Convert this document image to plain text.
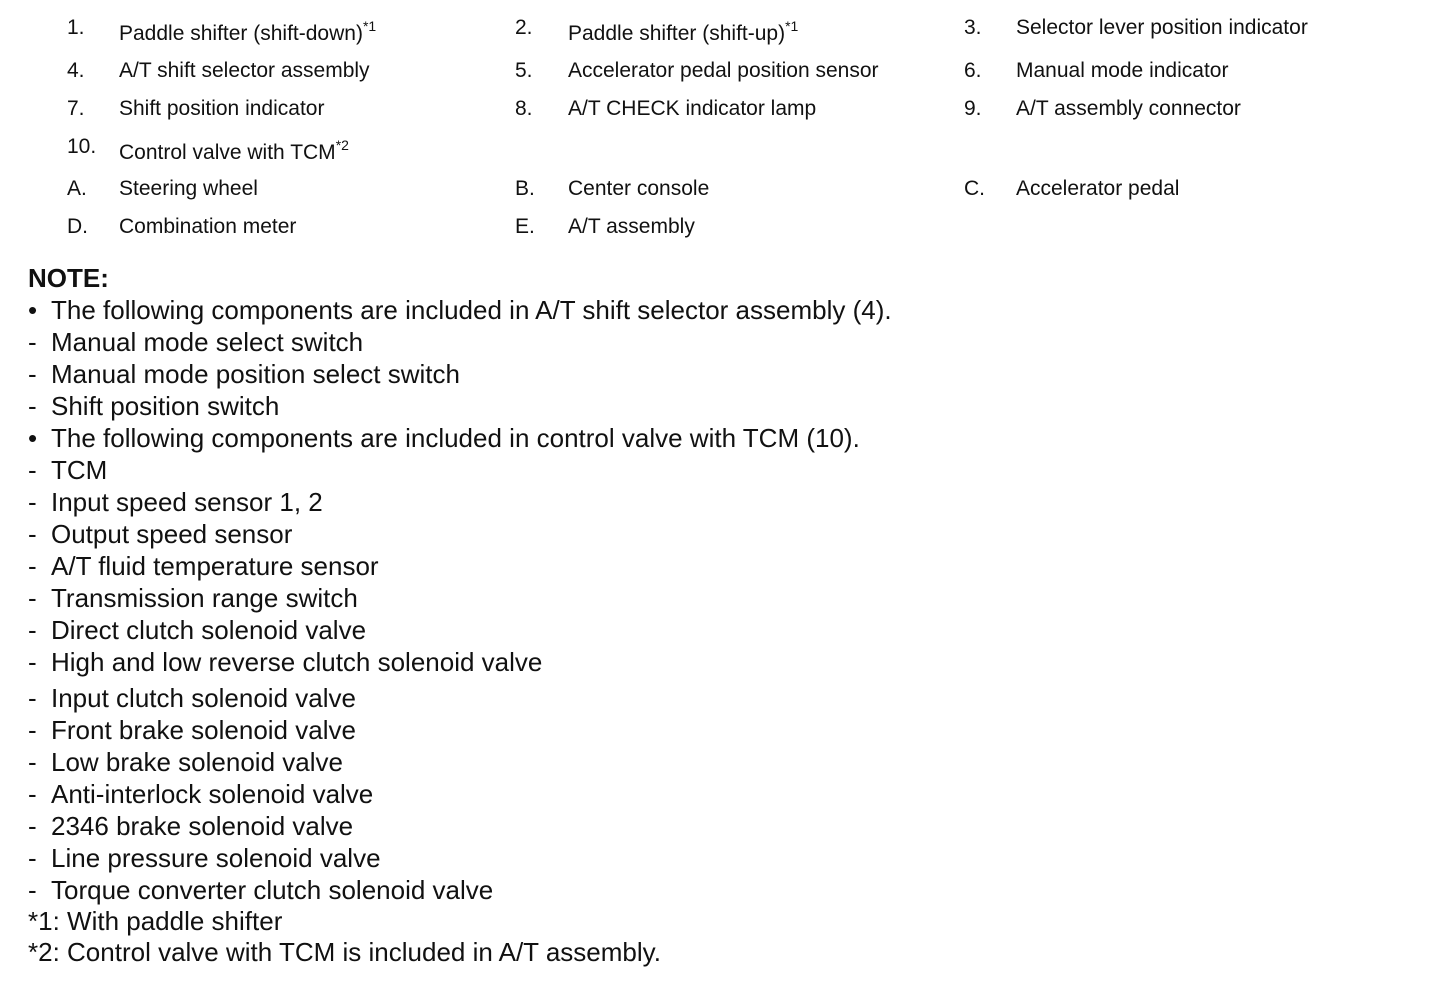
1. Paddle shifter (shift-down)$^{*1}$	2. Paddle shifter (shift-up)$^{*1}$	3. Selector lever position indicator
4. A/T shift selector assembly	5. Accelerator pedal position sensor	6. Manual mode indicator
7. Shift position indicator	8. A/T CHECK indicator lamp	9. A/T assembly connector
10. Control valve with TCM$^{*2}$
A. Steering wheel	B. Center console	C. Accelerator pedal
D. Combination meter	E. A/T assembly
NOTE:
• The following components are included in A/T shift selector assembly (4).
- Manual mode select switch
- Manual mode position select switch
- Shift position switch
• The following components are included in control valve with TCM (10).
- TCM
- Input speed sensor 1, 2
- Output speed sensor
- A/T fluid temperature sensor
- Transmission range switch
- Direct clutch solenoid valve
- High and low reverse clutch solenoid valve
- Input clutch solenoid valve
- Front brake solenoid valve
- Low brake solenoid valve
- Anti-interlock solenoid valve
- 2346 brake solenoid valve
- Line pressure solenoid valve
- Torque converter clutch solenoid valve
*1: With paddle shifter
*2: Control valve with TCM is included in A/T assembly.
